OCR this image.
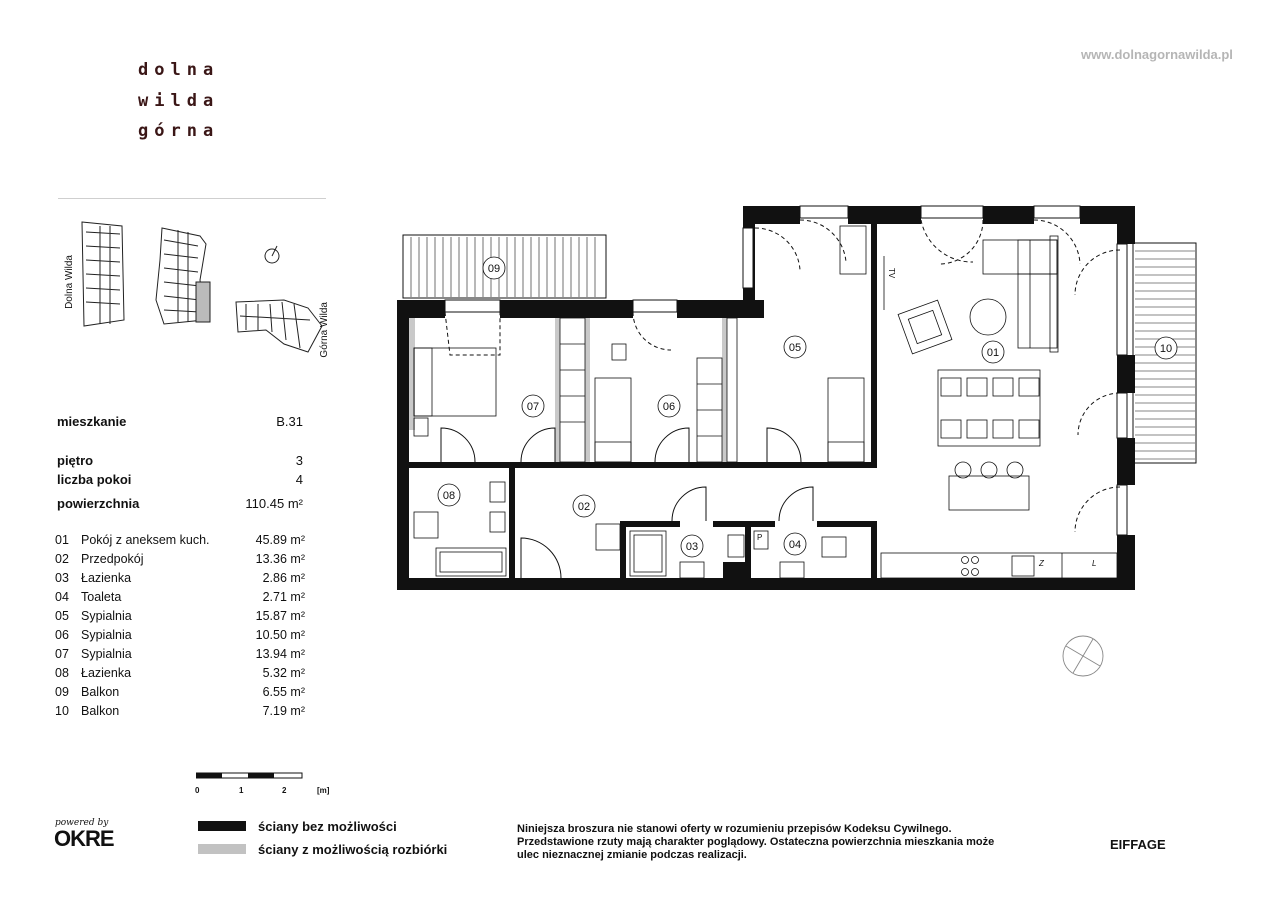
dolna
wilda
górna
www.dolnagornawilda.pl
Dolna Wilda
Górna Wilda
mieszkanie	B.31
piętro	3
liczba pokoi	4
powierzchnia	110.45 m²
01 Pokój z aneksem kuch.	45.89 m²
02 Przedpokój	13.36 m²
03 Łazienka	2.86 m²
04 Toaleta	2.71 m²
05 Sypialnia	15.87 m²
06 Sypialnia	10.50 m²
07 Sypialnia	13.94 m²
08 Łazienka	5.32 m²
09 Balkon	6.55 m²
10 Balkon	7.19 m²
0	1	2	[m]
powered by
OKRE	ściany bez możliwości
ściany z możliwością rozbiórki
Niniejsza broszura nie stanowi oferty w rozumieniu przepisów Kodeksu Cywilnego.
Przedstawione rzuty mają charakter poglądowy. Ostateczna powierzchnia mieszkania może
ulec nieznacznej zmianie podczas realizacji.
EIFFAGE
01
02
03	04
05
06
07
08
09
10
TV
P
Z	L
